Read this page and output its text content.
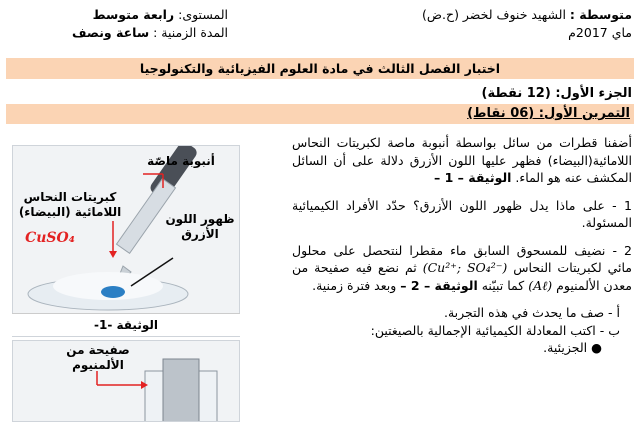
متوسطة : الشهيد خنوف لخضر (ح.ض)
ماي 2017م
المستوى: رابعة متوسط
المدة الزمنية : ساعة ونصف
اختبار الفصل الثالث في مادة العلوم الفيزيائية والتكنولوجيا
الجزء الأول: (12 نقطة)
التمرين الأول: (06 نقاط)

أضفنا قطرات من سائل بواسطة أنبوبة ماصة لكبريتات النحاس اللامائية(البيضاء) فظهر عليها اللون الأزرق دلالة على أن السائل المكشف عنه هو الماء. الوثيقة – 1 –

1 - على ماذا يدل ظهور اللون الأزرق؟ حدّد الأفراد الكيميائية المسئولة.

2 - نضيف للمسحوق السابق ماء مقطرا لنتحصل على محلول مائي لكبريتات النحاس (Cu²⁺; SO₄²⁻) ثم نضع فيه صفيحة من معدن الألمنيوم (Aℓ) كما تبيّنه الوثيقة – 2 – وبعد فترة زمنية.

أ - صف ما يحدث في هذه التجربة.
ب - اكتب المعادلة الكيميائية الإجمالية بالصيغتين:
● الجزيئية.
أنبوبة ماصّة
كبريتات النحاس اللامائية (البيضاء)
CuSO₄
ظهور اللون الأزرق
الوثيقة -1-
صفيحة من الألمنيوم
